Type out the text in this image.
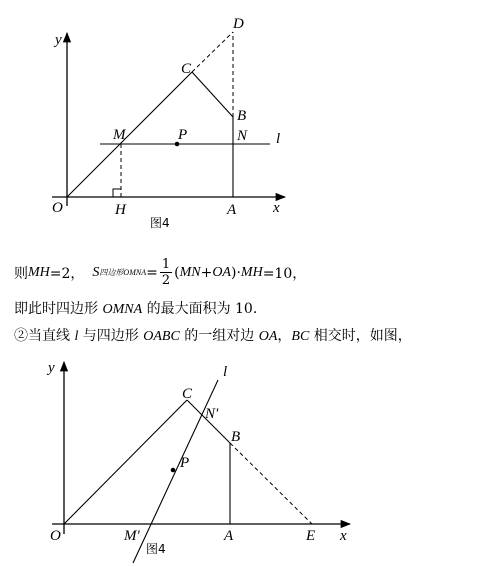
y
x
O	H	A
M	P	N l
C
B
D
图4
则 MH =2， S 四边形OMNA = $\frac{1}{2}$ ( MN + OA )· MH =10，
即此时四边形 OMNA 的最大面积为 10.
②当直线 l 与四边形 OABC 的一组对边 OA，BC 相交时，如图，
y
x
O	M'	A	E
C
N'
B
P
l
图4
